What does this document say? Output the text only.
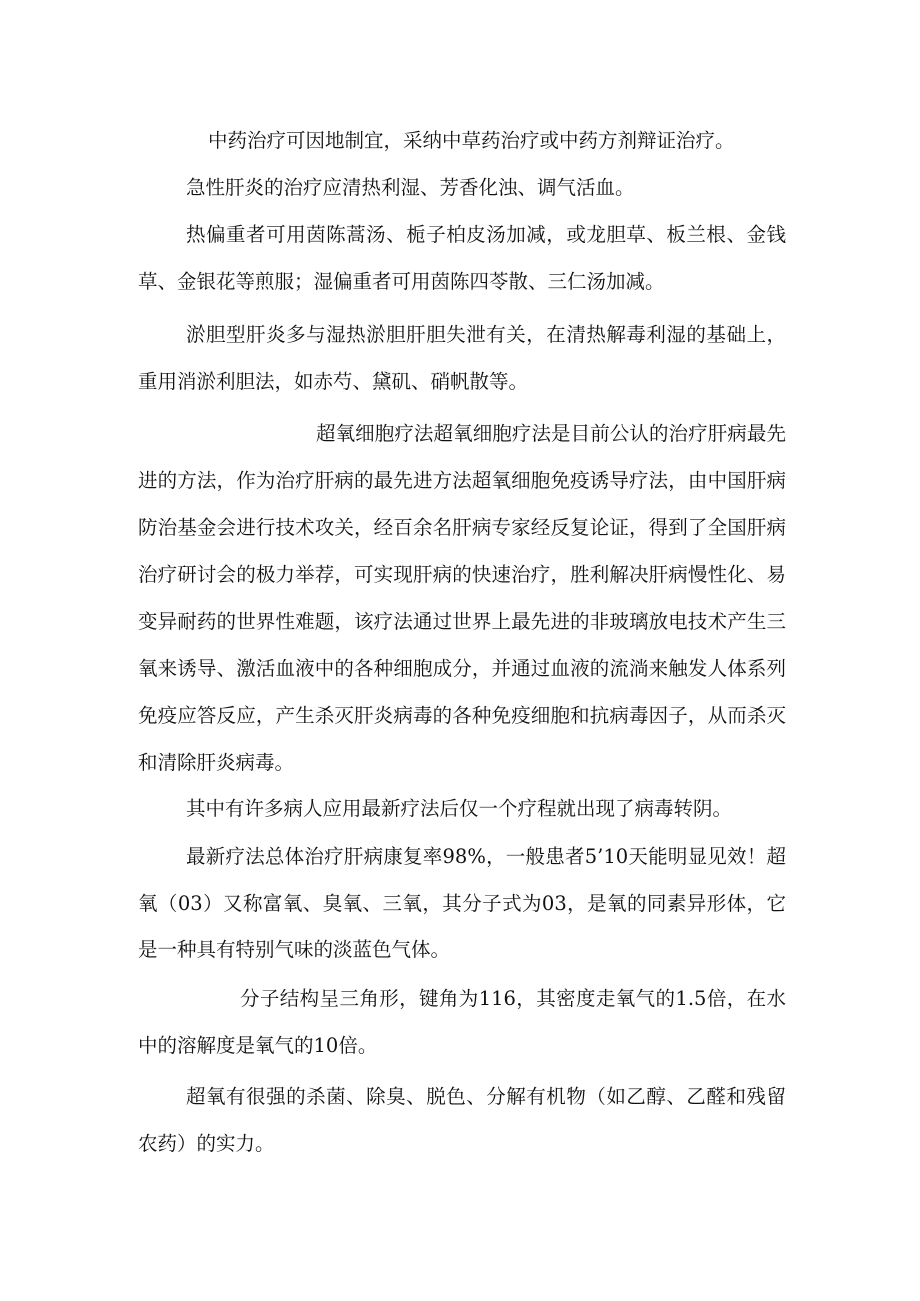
中药治疗可因地制宜，采纳中草药治疗或中药方剂辩证治疗。

急性肝炎的治疗应清热利湿、芳香化浊、调气活血。

热偏重者可用茵陈蒿汤、栀子柏皮汤加减，或龙胆草、板兰根、金钱草、金银花等煎服；湿偏重者可用茵陈四苓散、三仁汤加减。

淤胆型肝炎多与湿热淤胆肝胆失泄有关，在清热解毒利湿的基础上，重用消淤利胆法，如赤芍、黛矶、硝帆散等。

超氧细胞疗法超氧细胞疗法是目前公认的治疗肝病最先进的方法，作为治疗肝病的最先进方法超氧细胞免疫诱导疗法，由中国肝病防治基金会进行技术攻关，经百余名肝病专家经反复论证，得到了全国肝病治疗研讨会的极力举荐，可实现肝病的快速治疗，胜利解决肝病慢性化、易变异耐药的世界性难题，该疗法通过世界上最先进的非玻璃放电技术产生三氧来诱导、激活血液中的各种细胞成分，并通过血液的流淌来触发人体系列免疫应答反应，产生杀灭肝炎病毒的各种免疫细胞和抗病毒因子，从而杀灭和清除肝炎病毒。

其中有许多病人应用最新疗法后仅一个疗程就出现了病毒转阴。

最新疗法总体治疗肝病康复率98%，一般患者5’10天能明显见效！超氧（03）又称富氧、臭氧、三氧，其分子式为03，是氧的同素异形体，它是一种具有特别气味的淡蓝色气体。

分子结构呈三角形，键角为116，其密度走氧气的1.5倍，在水中的溶解度是氧气的10倍。

超氧有很强的杀菌、除臭、脱色、分解有机物（如乙醇、乙醛和残留农药）的实力。
